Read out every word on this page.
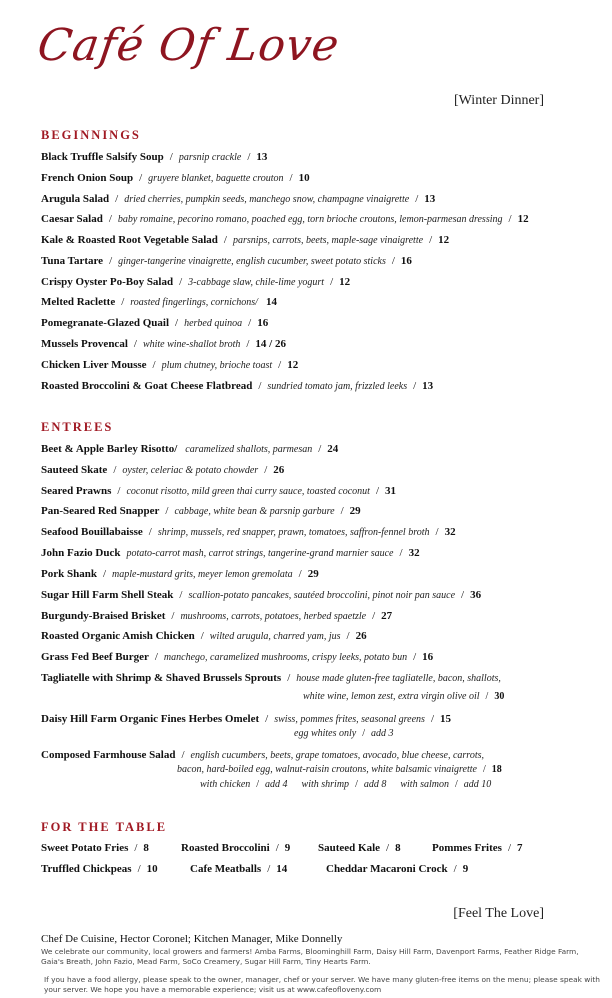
Café Of Love
[Winter Dinner]
BEGINNINGS
Black Truffle Salsify Soup / parsnip crackle / 13
French Onion Soup / gruyere blanket, baguette crouton / 10
Arugula Salad / dried cherries, pumpkin seeds, manchego snow, champagne vinaigrette / 13
Caesar Salad / baby romaine, pecorino romano, poached egg, torn brioche croutons, lemon-parmesan dressing / 12
Kale & Roasted Root Vegetable Salad / parsnips, carrots, beets, maple-sage vinaigrette / 12
Tuna Tartare / ginger-tangerine vinaigrette, english cucumber, sweet potato sticks / 16
Crispy Oyster Po-Boy Salad / 3-cabbage slaw, chile-lime yogurt / 12
Melted Raclette / roasted fingerlings, cornichons/ 14
Pomegranate-Glazed Quail / herbed quinoa / 16
Mussels Provencal / white wine-shallot broth / 14 / 26
Chicken Liver Mousse / plum chutney, brioche toast / 12
Roasted Broccolini & Goat Cheese Flatbread / sundried tomato jam, frizzled leeks / 13
ENTREES
Beet & Apple Barley Risotto/ caramelized shallots, parmesan / 24
Sauteed Skate / oyster, celeriac & potato chowder / 26
Seared Prawns / coconut risotto, mild green thai curry sauce, toasted coconut / 31
Pan-Seared Red Snapper / cabbage, white bean & parsnip garbure / 29
Seafood Bouillabaisse / shrimp, mussels, red snapper, prawn, tomatoes, saffron-fennel broth / 32
John Fazio Duck potato-carrot mash, carrot strings, tangerine-grand marnier sauce / 32
Pork Shank / maple-mustard grits, meyer lemon gremolata / 29
Sugar Hill Farm Shell Steak / scallion-potato pancakes, sautéed broccolini, pinot noir pan sauce / 36
Burgundy-Braised Brisket / mushrooms, carrots, potatoes, herbed spaetzle / 27
Roasted Organic Amish Chicken / wilted arugula, charred yam, jus / 26
Grass Fed Beef Burger / manchego, caramelized mushrooms, crispy leeks, potato bun / 16
Tagliatelle with Shrimp & Shaved Brussels Sprouts / house made gluten-free tagliatelle, bacon, shallots,
white wine, lemon zest, extra virgin olive oil / 30
Daisy Hill Farm Organic Fines Herbes Omelet / swiss, pommes frites, seasonal greens / 15
egg whites only / add 3
Composed Farmhouse Salad / english cucumbers, beets, grape tomatoes, avocado, blue cheese, carrots,
bacon, hard-boiled egg, walnut-raisin croutons, white balsamic vinaigrette / 18
with chicken / add 4 with shrimp / add 8 with salmon / add 10
FOR THE TABLE
Sweet Potato Fries / 8	Roasted Broccolini / 9	Sauteed Kale / 8	Pommes Frites / 7
Truffled Chickpeas / 10	Cafe Meatballs / 14	Cheddar Macaroni Crock / 9
[Feel The Love]
Chef De Cuisine, Hector Coronel; Kitchen Manager, Mike Donnelly
We celebrate our community, local growers and farmers! Amba Farms, Bloominghill Farm, Daisy Hill Farm, Davenport Farms, Feather Ridge Farm, Gaia's Breath, John Fazio, Mead Farm, SoCo Creamery, Sugar Hill Farm, Tiny Hearts Farm.
If you have a food allergy, please speak to the owner, manager, chef or your server. We have many gluten-free items on the menu; please speak with your server. We hope you have a memorable experience; visit us at www.cafeofloveny.com
